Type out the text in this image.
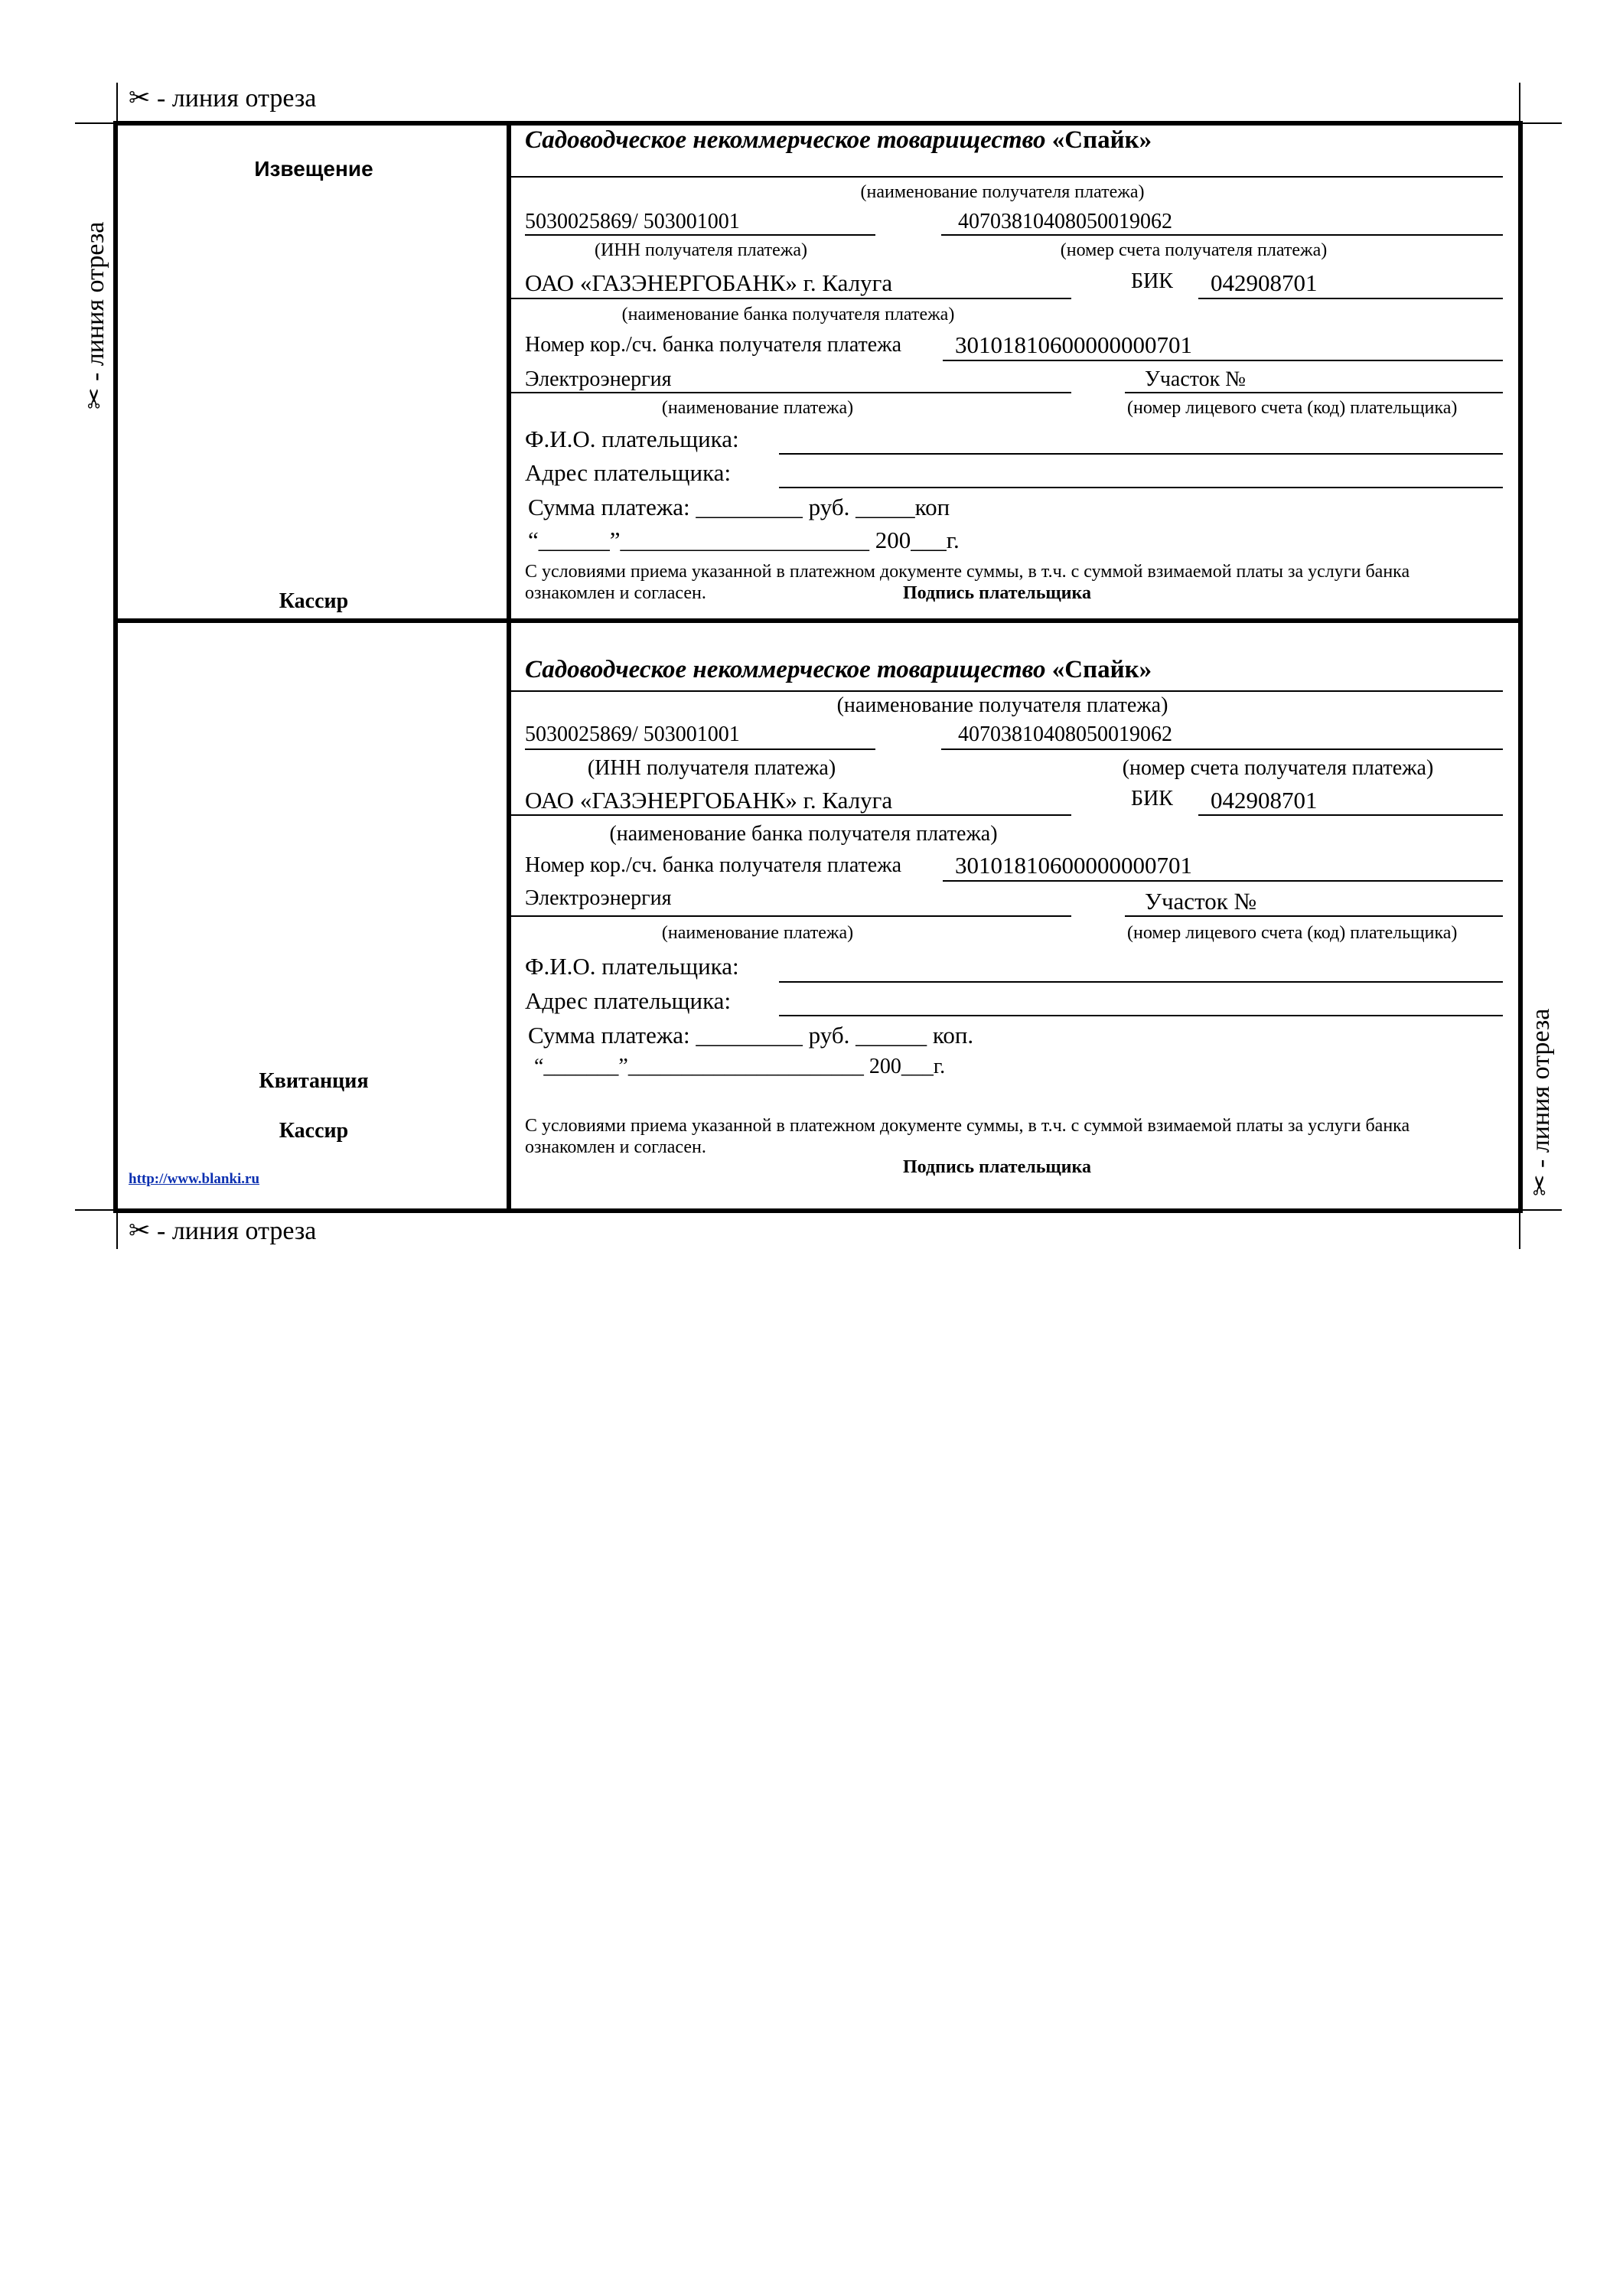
✂ - линия отреза
✂ - линия отреза
✂ - линия отреза
✂ - линия отреза
Извещение
Кассир
Садоводческое некоммерческое товарищество «Спайк»
(наименование получателя платежа)
5030025869/ 503001001	40703810408050019062
(ИНН получателя платежа)	(номер счета получателя платежа)
ОАО «ГАЗЭНЕРГОБАНК» г. Калуга	БИК 042908701
(наименование банка получателя платежа)
Номер кор./сч. банка получателя платежа 30101810600000000701
Электроэнергия	Участок №
(наименование платежа)	(номер лицевого счета (код) плательщика)
Ф.И.О. плательщика:
Адрес плательщика:
Сумма платежа: _________ руб. _____коп
“______”_____________________ 200___г.
С условиями приема указанной в платежном документе суммы, в т.ч. с суммой взимаемой платы за услуги банка
ознакомлен и согласен.	Подпись плательщика
Квитанция
Кассир
http://www.blanki.ru
Садоводческое некоммерческое товарищество «Спайк»
(наименование получателя платежа)
5030025869/ 503001001	40703810408050019062
(ИНН получателя платежа)	(номер счета получателя платежа)
ОАО «ГАЗЭНЕРГОБАНК» г. Калуга	БИК 042908701
(наименование банка получателя платежа)
Номер кор./сч. банка получателя платежа 30101810600000000701
Электроэнергия	Участок №
(наименование платежа)	(номер лицевого счета (код) плательщика)
Ф.И.О. плательщика:
Адрес плательщика:
Сумма платежа: _________ руб. ______ коп.
“_______”______________________ 200___г.
С условиями приема указанной в платежном документе суммы, в т.ч. с суммой взимаемой платы за услуги банка
ознакомлен и согласен.
Подпись плательщика
